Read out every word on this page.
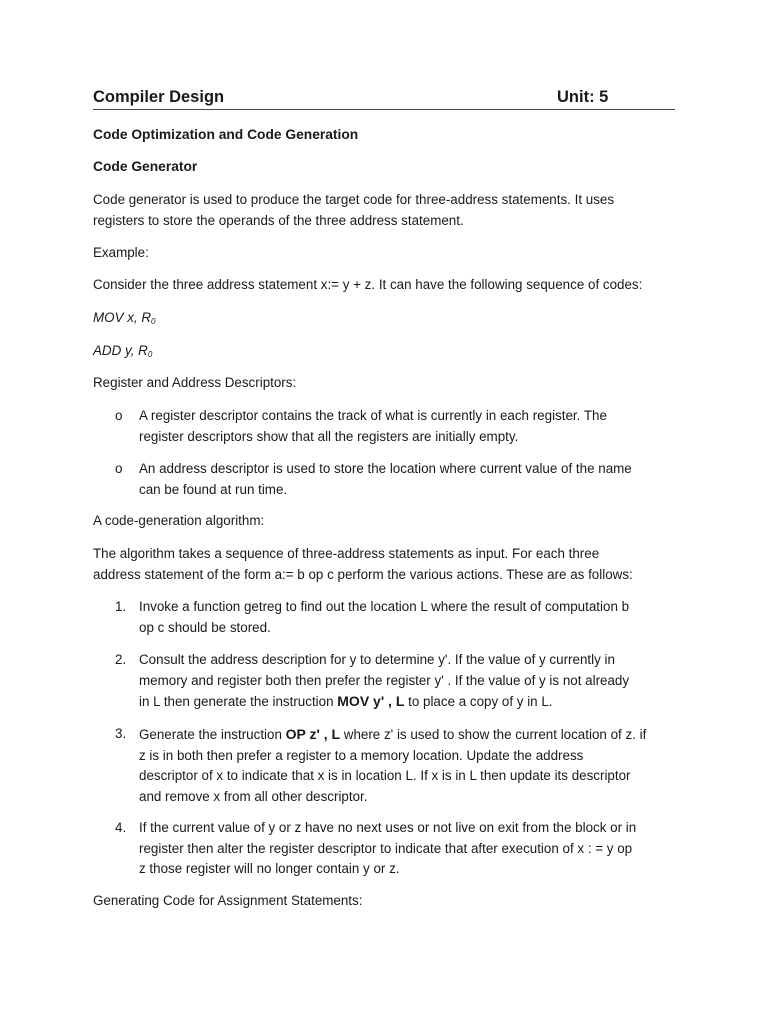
Compiler Design	Unit: 5
Code Optimization and Code Generation
Code Generator
Code generator is used to produce the target code for three-address statements. It uses
registers to store the operands of the three address statement.
Example:
Consider the three address statement x:= y + z. It can have the following sequence of codes:
MOV x, $R_0$
ADD y, $R_0$
Register and Address Descriptors:
o A register descriptor contains the track of what is currently in each register. The
register descriptors show that all the registers are initially empty.
o An address descriptor is used to store the location where current value of the name
can be found at run time.
A code-generation algorithm:
The algorithm takes a sequence of three-address statements as input. For each three
address statement of the form a:= b op c perform the various actions. These are as follows:
1. Invoke a function getreg to find out the location L where the result of computation b
op c should be stored.
2. Consult the address description for y to determine y'. If the value of y currently in
memory and register both then prefer the register y' . If the value of y is not already
in L then generate the instruction MOV y' , L to place a copy of y in L.
3. Generate the instruction OP z' , L where z' is used to show the current location of z. if
z is in both then prefer a register to a memory location. Update the address
descriptor of x to indicate that x is in location L. If x is in L then update its descriptor
and remove x from all other descriptor.
4. If the current value of y or z have no next uses or not live on exit from the block or in
register then alter the register descriptor to indicate that after execution of x : = y op
z those register will no longer contain y or z.
Generating Code for Assignment Statements:
